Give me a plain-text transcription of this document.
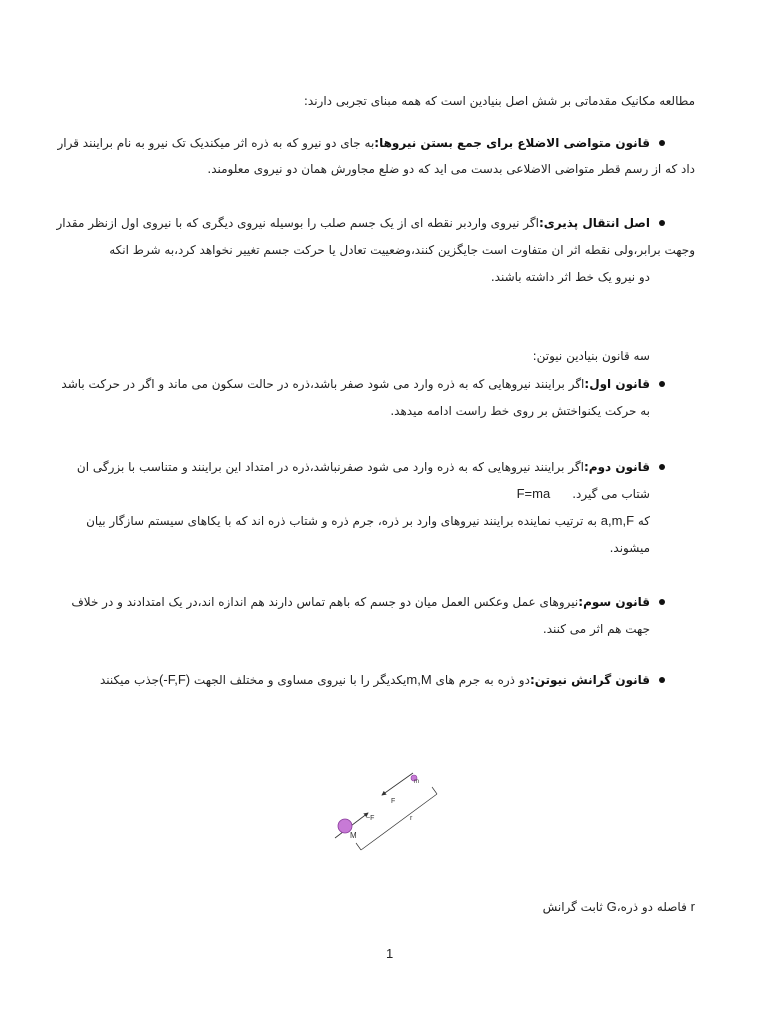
مطالعه مکانیک مقدماتی بر شش اصل بنیادین است که همه مبنای تجربی دارند:
قانون متواضی الاضلاع برای جمع بستن نیروها:به جای دو نیرو که به ذره اثر میکندیک تک نیرو به نام براینند قرار
داد که از رسم قطر متواضی الاضلاعی بدست می اید که دو ضلع مجاورش همان دو نیروی معلومند.
اصل انتقال پذیری:اگر نیروی واردبر نقطه ای از یک جسم صلب را بوسیله نیروی دیگری که با نیروی اول ازنظر مقدار
وجهت برابر،ولی نقطه اثر ان متفاوت است جایگزین کنند،وضعییت تعادل یا حرکت جسم تغییر نخواهد کرد،به شرط انکه
دو نیرو یک خط اثر داشته باشند.
سه قانون بنیادین نیوتن:
قانون اول:اگر براینند نیروهایی که به ذره وارد می شود صفر باشد،ذره در حالت سکون می ماند و اگر در حرکت باشد
به حرکت یکنواختش بر روی خط راست ادامه میدهد.
قانون دوم:اگر براینند نیروهایی که به ذره وارد می شود صفرنباشد،ذره در امتداد این براینند و متناسب با بزرگی ان
شتاب می گیرد.F=ma
که a,m,F به ترتیب نماینده براینند نیروهای وارد بر ذره، جرم ذره و شتاب ذره اند که با یکاهای سیستم سازگار بیان
میشوند.
قانون سوم:نیروهای عمل وعکس العمل میان دو جسم که باهم تماس دارند هم اندازه اند،در یک امتدادند و در خلاف
جهت هم اثر می کنند.
قانون گرانش نیوتن:دو ذره به جرم های m,Mیکدیگر را با نیروی مساوی و مختلف الجهت (-F,F)جذب میکنند
M
m
F
−F	r
r فاصله دو ذره،G ثابت گرانش
1
